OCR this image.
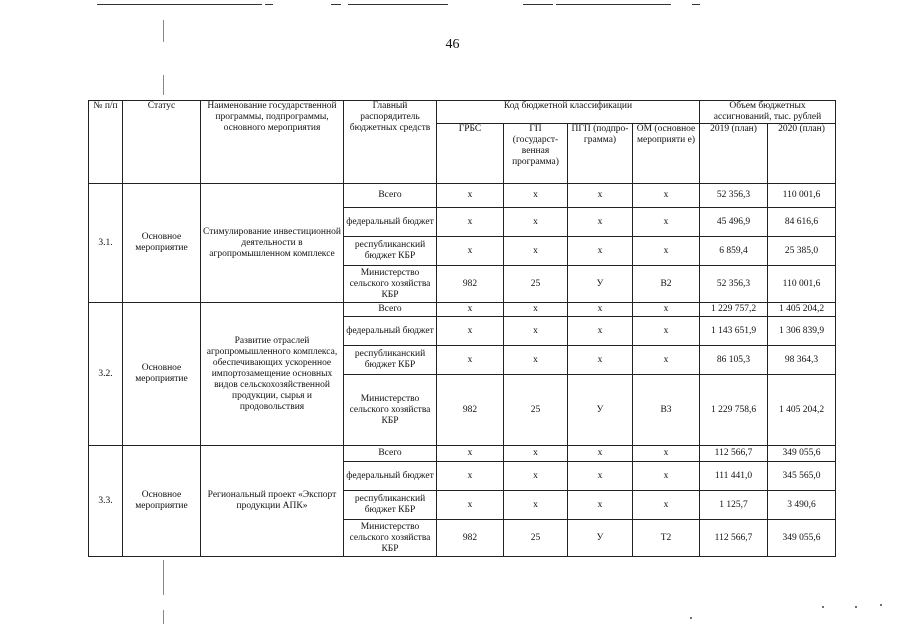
46
№ п/п	Статус	Наименование государственной программы, подпрограммы, основного мероприятия	Главный распорядитель бюджетных средств	Код бюджетной классификации				Объем бюджетных ассигнований, тыс. рублей	
				ГРБС	ГП (государст-венная программа)	ПГП (подпро-грамма)	ОМ (основное мероприяти е)	2019 (план)	2020 (план)
3.1.	Основное мероприятие	Стимулирование инвестиционной деятельности в агропромышленном комплексе	Всего	х	х	х	х	52 356,3	110 001,6
			федеральный бюджет	х	х	х	х	45 496,9	84 616,6
			республиканский бюджет КБР	х	х	х	х	6 859,4	25 385,0
			Министерство сельского хозяйства КБР	982	25	У	В2	52 356,3	110 001,6
3.2.	Основное мероприятие	Развитие отраслей агропромышленного комплекса, обеспечивающих ускоренное импортозамещение основных видов сельскохозяйственной продукции, сырья и продовольствия	Всего	х	х	х	х	1 229 757,2	1 405 204,2
			федеральный бюджет	х	х	х	х	1 143 651,9	1 306 839,9
			республиканский бюджет КБР	х	х	х	х	86 105,3	98 364,3
			Министерство сельского хозяйства КБР	982	25	У	В3	1 229 758,6	1 405 204,2
3.3.	Основное мероприятие	Региональный проект «Экспорт продукции АПК»	Всего	х	х	х	х	112 566,7	349 055,6
			федеральный бюджет	х	х	х	х	111 441,0	345 565,0
			республиканский бюджет КБР	х	х	х	х	1 125,7	3 490,6
			Министерство сельского хозяйства КБР	982	25	У	Т2	112 566,7	349 055,6
